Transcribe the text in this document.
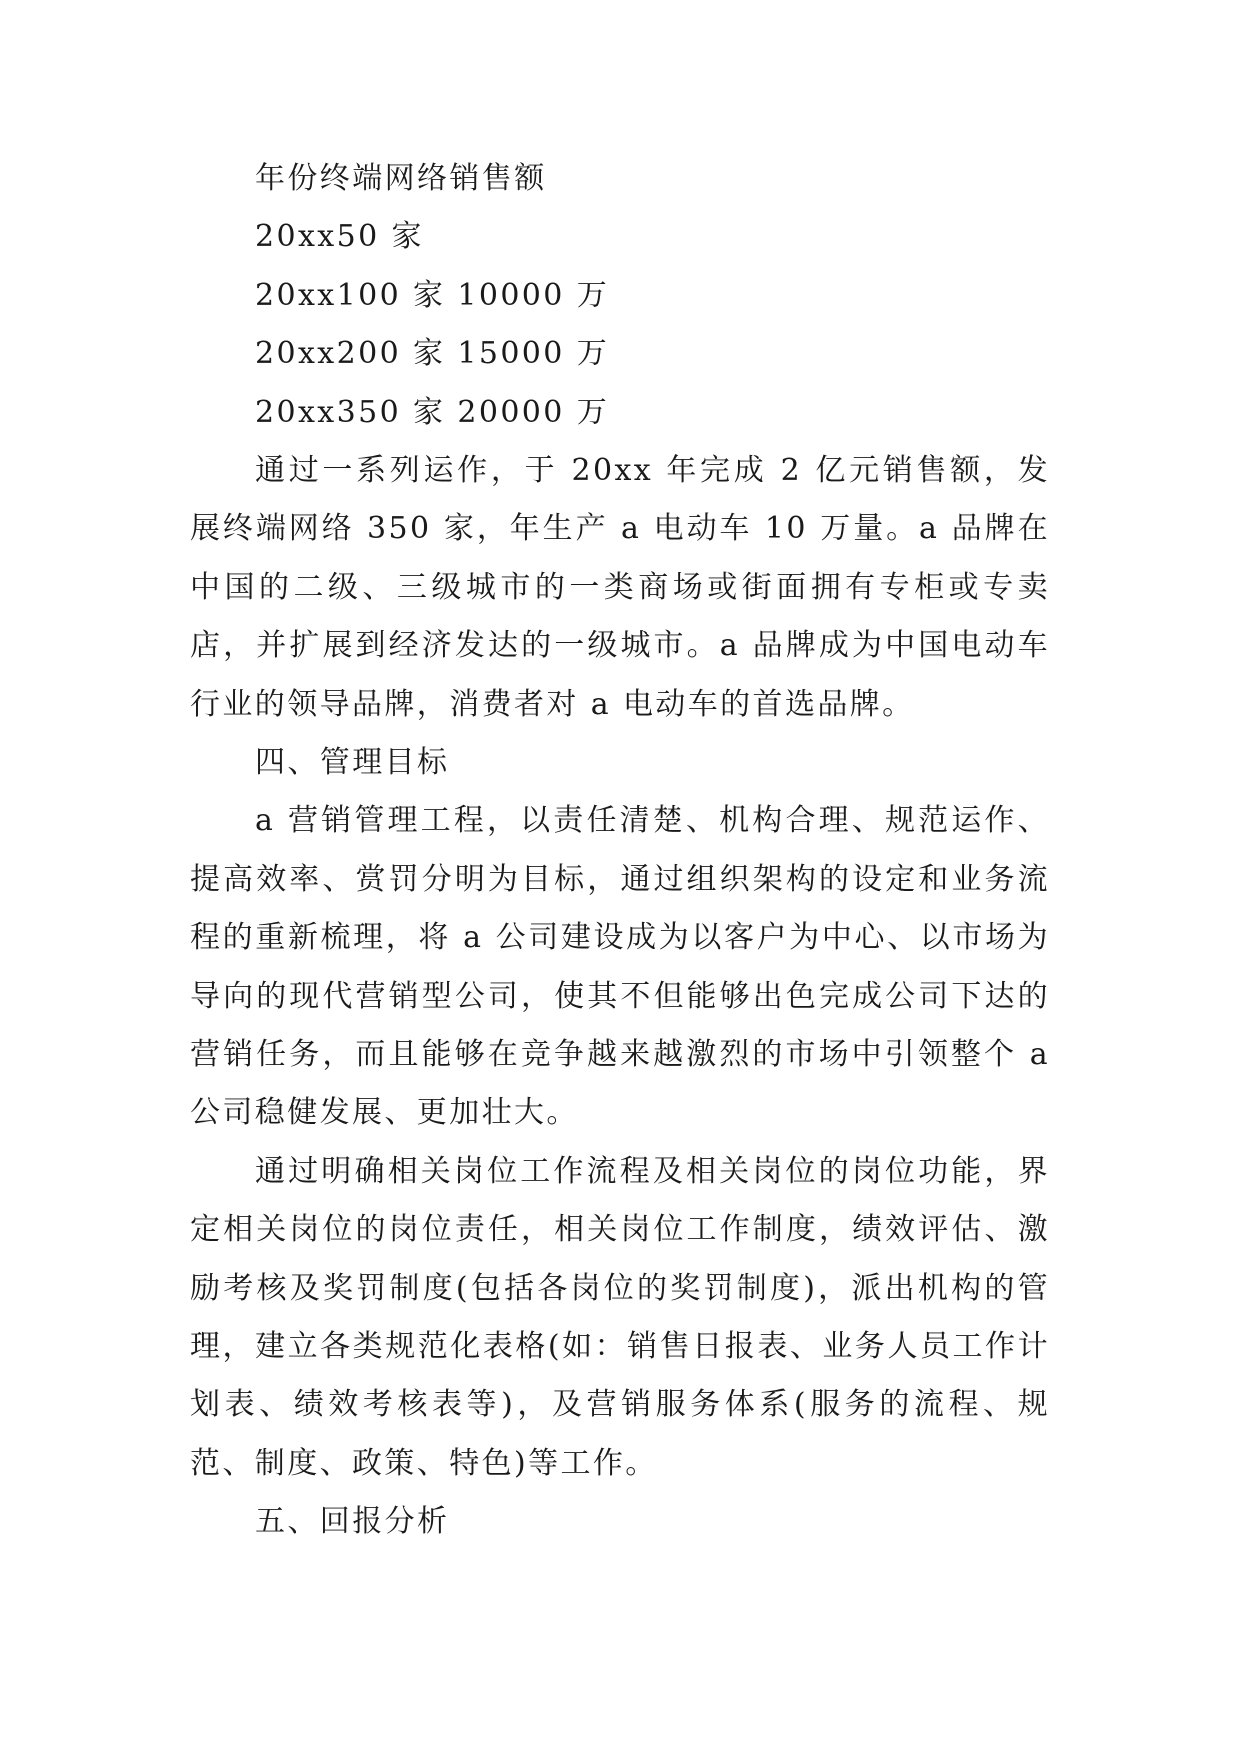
年份终端网络销售额
20xx50 家
20xx100 家 10000 万
20xx200 家 15000 万
20xx350 家 20000 万

通过一系列运作，于 20xx 年完成 2 亿元销售额，发展终端网络 350 家，年生产 a 电动车 10 万量。a 品牌在中国的二级、三级城市的一类商场或街面拥有专柜或专卖店，并扩展到经济发达的一级城市。a 品牌成为中国电动车行业的领导品牌，消费者对 a 电动车的首选品牌。

四、管理目标

a 营销管理工程，以责任清楚、机构合理、规范运作、提高效率、赏罚分明为目标，通过组织架构的设定和业务流程的重新梳理，将 a 公司建设成为以客户为中心、以市场为导向的现代营销型公司，使其不但能够出色完成公司下达的营销任务，而且能够在竞争越来越激烈的市场中引领整个 a 公司稳健发展、更加壮大。

通过明确相关岗位工作流程及相关岗位的岗位功能，界定相关岗位的岗位责任，相关岗位工作制度，绩效评估、激励考核及奖罚制度(包括各岗位的奖罚制度)，派出机构的管理，建立各类规范化表格(如：销售日报表、业务人员工作计划表、绩效考核表等)，及营销服务体系(服务的流程、规范、制度、政策、特色)等工作。

五、回报分析
